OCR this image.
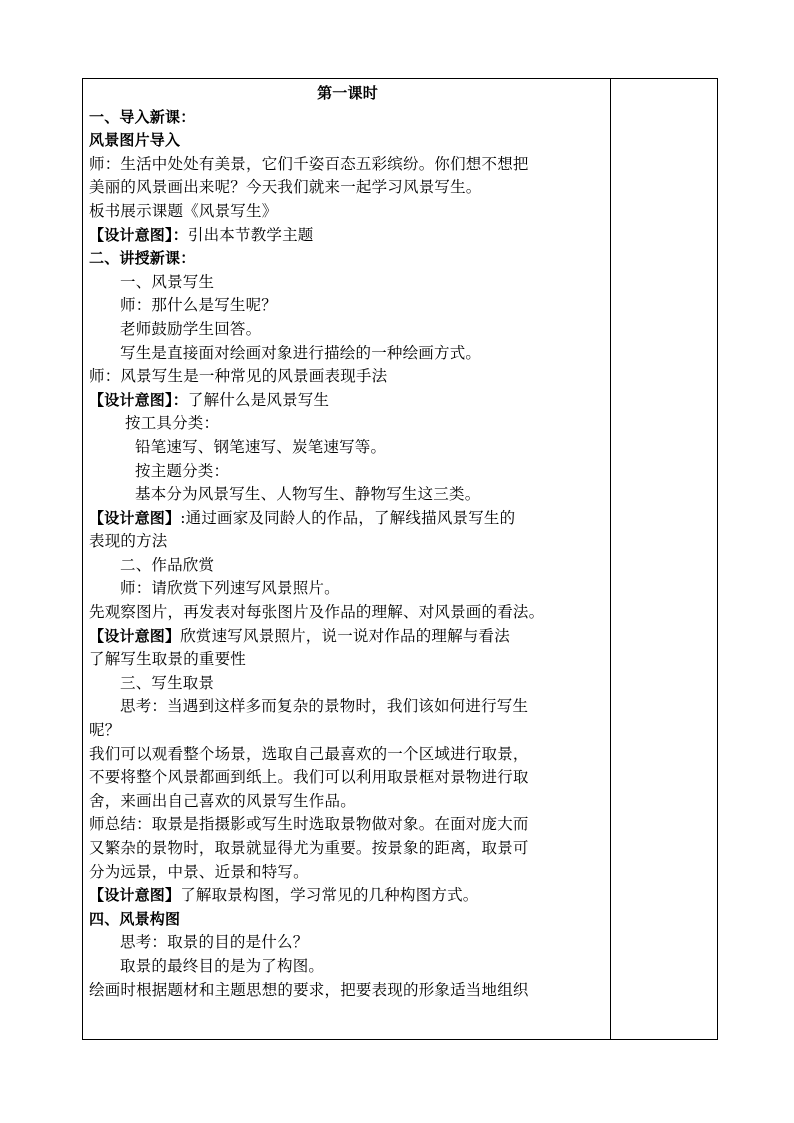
第一课时
一、导入新课：
风景图片导入
师：生活中处处有美景，它们千姿百态五彩缤纷。你们想不想把
美丽的风景画出来呢？今天我们就来一起学习风景写生。
板书展示课题《风景写生》
【设计意图】：引出本节教学主题
二、讲授新课：
一、风景写生
师：那什么是写生呢？
老师鼓励学生回答。
写生是直接面对绘画对象进行描绘的一种绘画方式。
师：风景写生是一种常见的风景画表现手法
【设计意图】：了解什么是风景写生
按工具分类：
铅笔速写、钢笔速写、炭笔速写等。
按主题分类：
基本分为风景写生、人物写生、静物写生这三类。
【设计意图】:通过画家及同龄人的作品，了解线描风景写生的
表现的方法
二、作品欣赏
师：请欣赏下列速写风景照片。
先观察图片，再发表对每张图片及作品的理解、对风景画的看法。
【设计意图】欣赏速写风景照片，说一说对作品的理解与看法
了解写生取景的重要性
三、写生取景
思考：当遇到这样多而复杂的景物时，我们该如何进行写生
呢？
我们可以观看整个场景，选取自己最喜欢的一个区域进行取景，
不要将整个风景都画到纸上。我们可以利用取景框对景物进行取
舍，来画出自己喜欢的风景写生作品。
师总结：取景是指摄影或写生时选取景物做对象。在面对庞大而
又繁杂的景物时，取景就显得尤为重要。按景象的距离，取景可
分为远景，中景、近景和特写。
【设计意图】了解取景构图，学习常见的几种构图方式。
四、风景构图
思考：取景的目的是什么？
取景的最终目的是为了构图。
绘画时根据题材和主题思想的要求，把要表现的形象适当地组织
